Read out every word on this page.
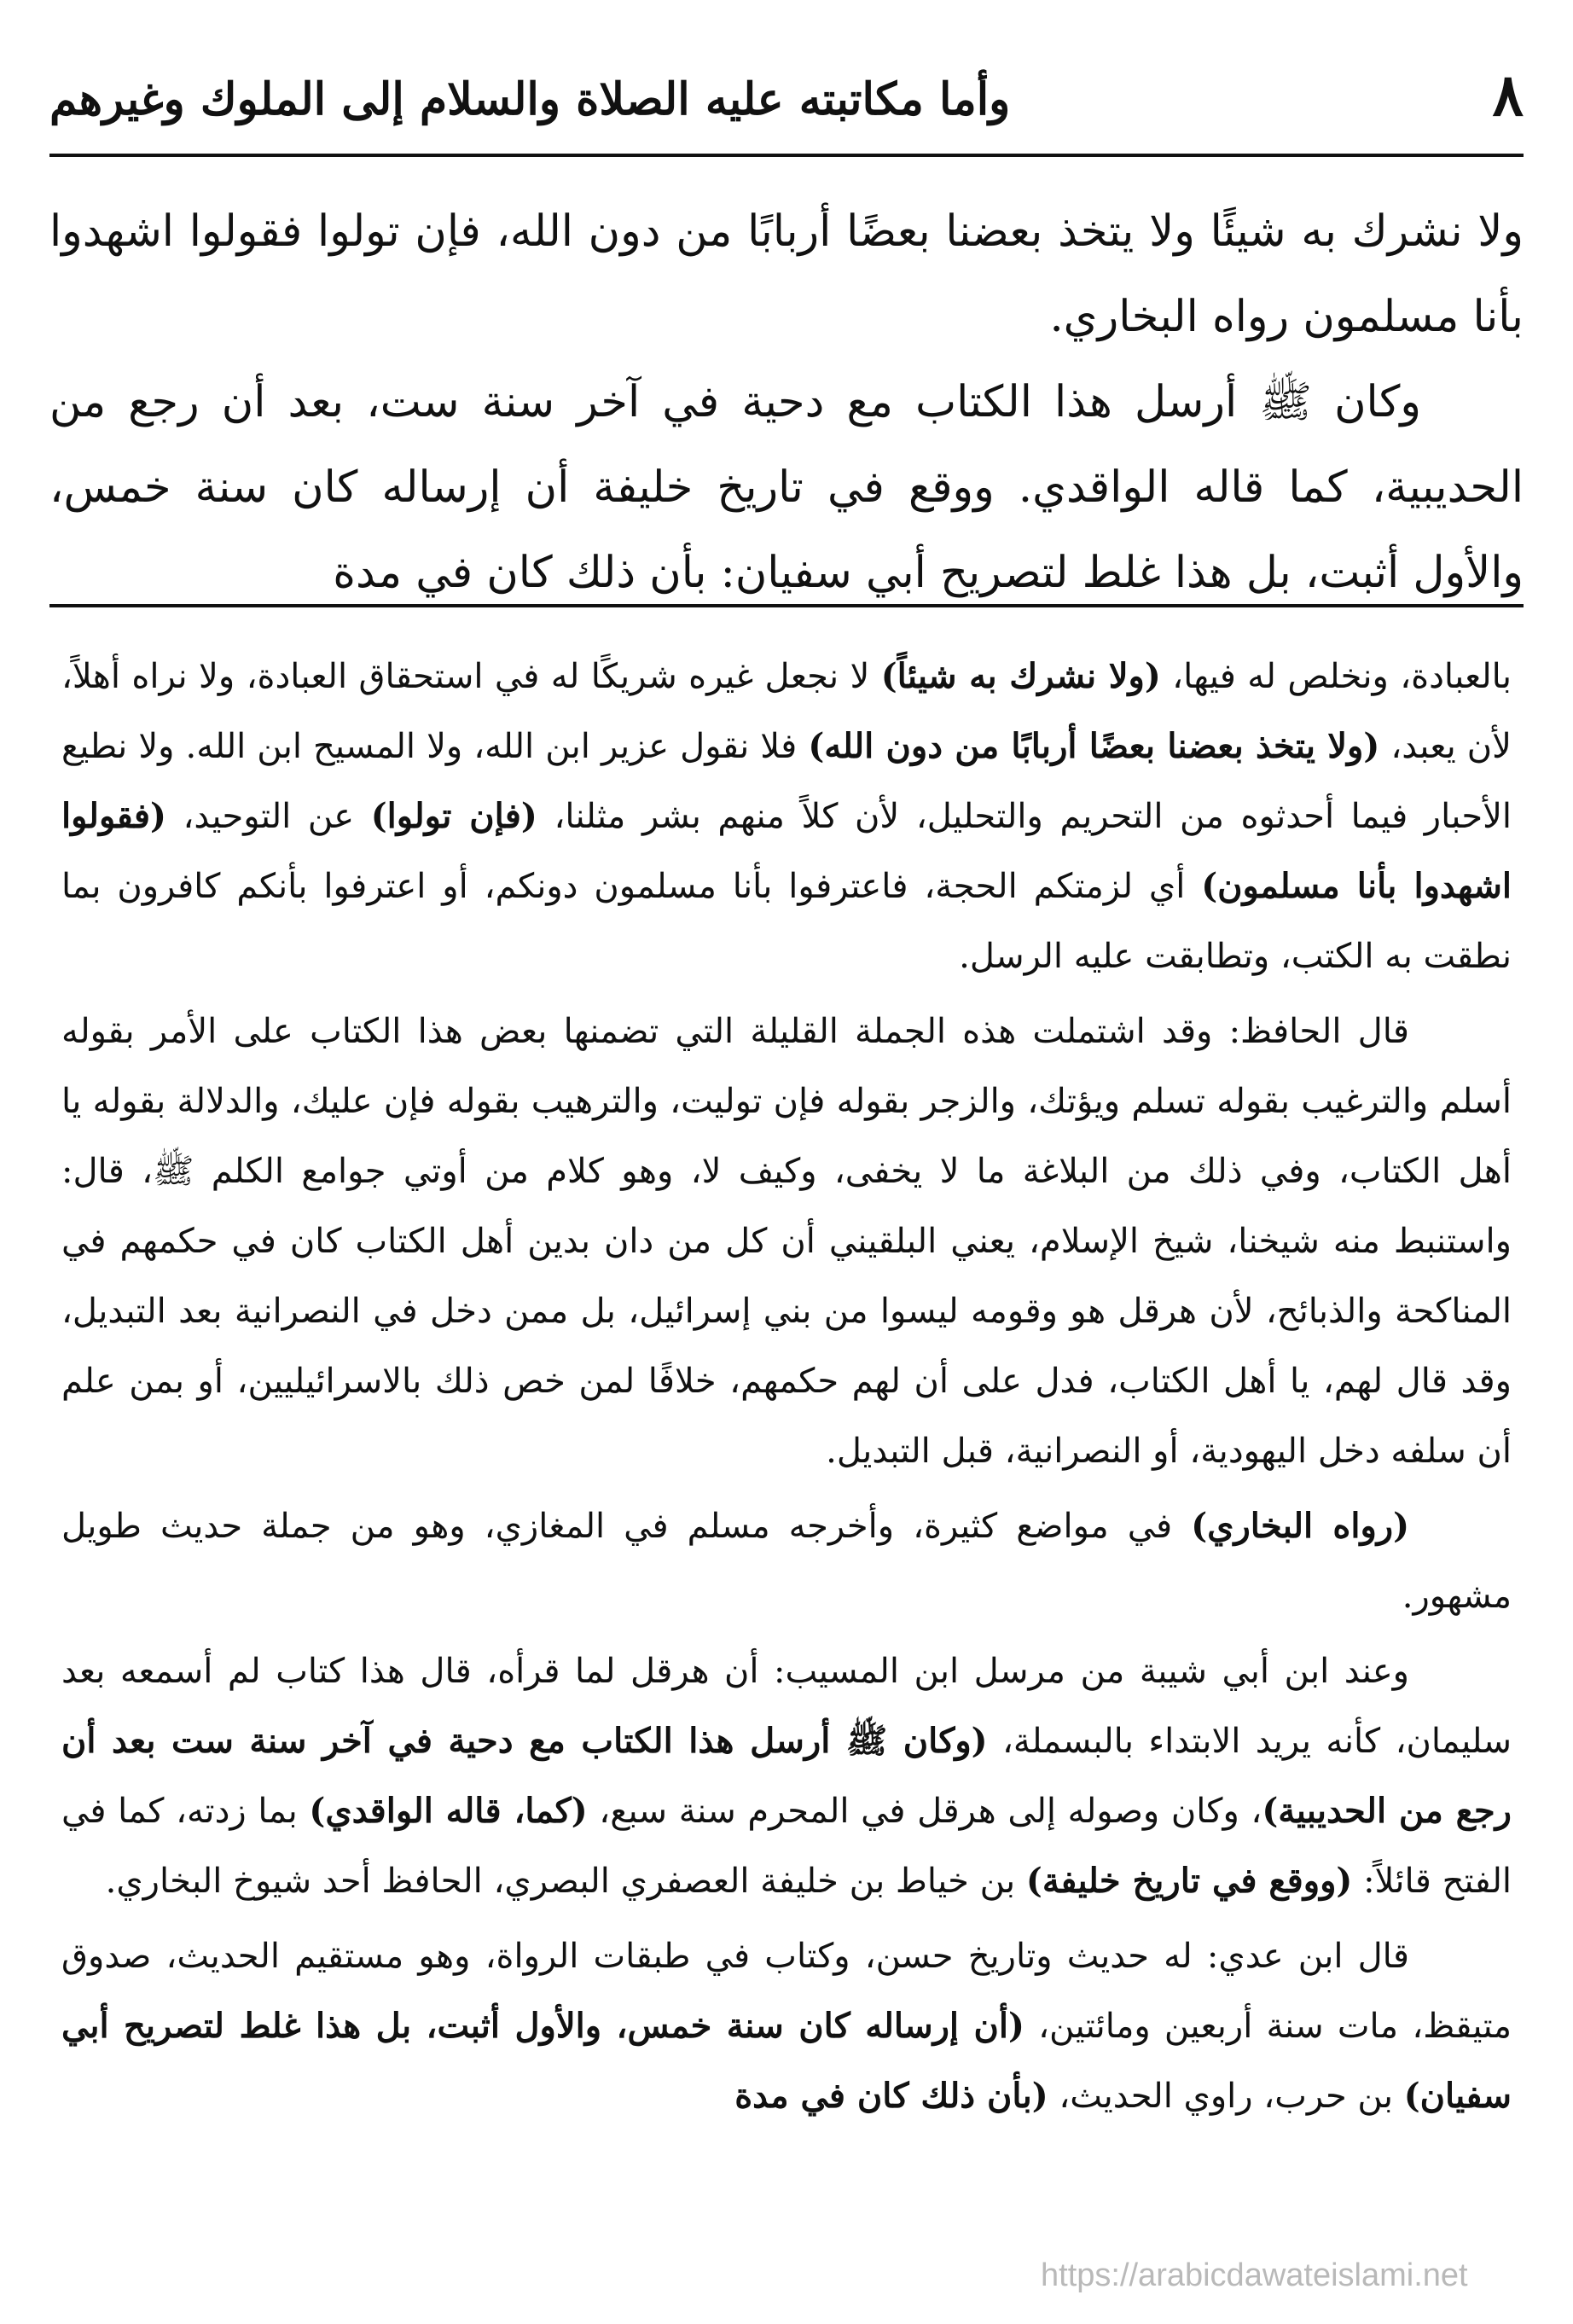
٨
وأما مكاتبته عليه الصلاة والسلام إلى الملوك وغيرهم

ولا نشرك به شيئًا ولا يتخذ بعضنا بعضًا أربابًا من دون الله، فإن تولوا فقولوا اشهدوا بأنا مسلمون رواه البخاري.

وكان ﷺ أرسل هذا الكتاب مع دحية في آخر سنة ست، بعد أن رجع من الحديبية، كما قاله الواقدي. ووقع في تاريخ خليفة أن إرساله كان سنة خمس، والأول أثبت، بل هذا غلط لتصريح أبي سفيان: بأن ذلك كان في مدة

بالعبادة، ونخلص له فيها، (ولا نشرك به شيئاً) لا نجعل غيره شريكًا له في استحقاق العبادة، ولا نراه أهلاً، لأن يعبد، (ولا يتخذ بعضنا بعضًا أربابًا من دون الله) فلا نقول عزير ابن الله، ولا المسيح ابن الله. ولا نطيع الأحبار فيما أحدثوه من التحريم والتحليل، لأن كلاً منهم بشر مثلنا، (فإن تولوا) عن التوحيد، (فقولوا اشهدوا بأنا مسلمون) أي لزمتكم الحجة، فاعترفوا بأنا مسلمون دونكم، أو اعترفوا بأنكم كافرون بما نطقت به الكتب، وتطابقت عليه الرسل.

قال الحافظ: وقد اشتملت هذه الجملة القليلة التي تضمنها بعض هذا الكتاب على الأمر بقوله أسلم والترغيب بقوله تسلم ويؤتك، والزجر بقوله فإن توليت، والترهيب بقوله فإن عليك، والدلالة بقوله يا أهل الكتاب، وفي ذلك من البلاغة ما لا يخفى، وكيف لا، وهو كلام من أوتي جوامع الكلم ﷺ، قال: واستنبط منه شيخنا، شيخ الإسلام، يعني البلقيني أن كل من دان بدين أهل الكتاب كان في حكمهم في المناكحة والذبائح، لأن هرقل هو وقومه ليسوا من بني إسرائيل، بل ممن دخل في النصرانية بعد التبديل، وقد قال لهم، يا أهل الكتاب، فدل على أن لهم حكمهم، خلافًا لمن خص ذلك بالاسرائيليين، أو بمن علم أن سلفه دخل اليهودية، أو النصرانية، قبل التبديل.

(رواه البخاري) في مواضع كثيرة، وأخرجه مسلم في المغازي، وهو من جملة حديث طويل مشهور.

وعند ابن أبي شيبة من مرسل ابن المسيب: أن هرقل لما قرأه، قال هذا كتاب لم أسمعه بعد سليمان، كأنه يريد الابتداء بالبسملة، (وكان ﷺ أرسل هذا الكتاب مع دحية في آخر سنة ست بعد أن رجع من الحديبية)، وكان وصوله إلى هرقل في المحرم سنة سبع، (كما، قاله الواقدي) بما زدته، كما في الفتح قائلاً: (ووقع في تاريخ خليفة) بن خياط بن خليفة العصفري البصري، الحافظ أحد شيوخ البخاري.

قال ابن عدي: له حديث وتاريخ حسن، وكتاب في طبقات الرواة، وهو مستقيم الحديث، صدوق متيقظ، مات سنة أربعين ومائتين، (أن إرساله كان سنة خمس، والأول أثبت، بل هذا غلط لتصريح أبي سفيان) بن حرب، راوي الحديث، (بأن ذلك كان في مدة

https://arabicdawateislami.net
